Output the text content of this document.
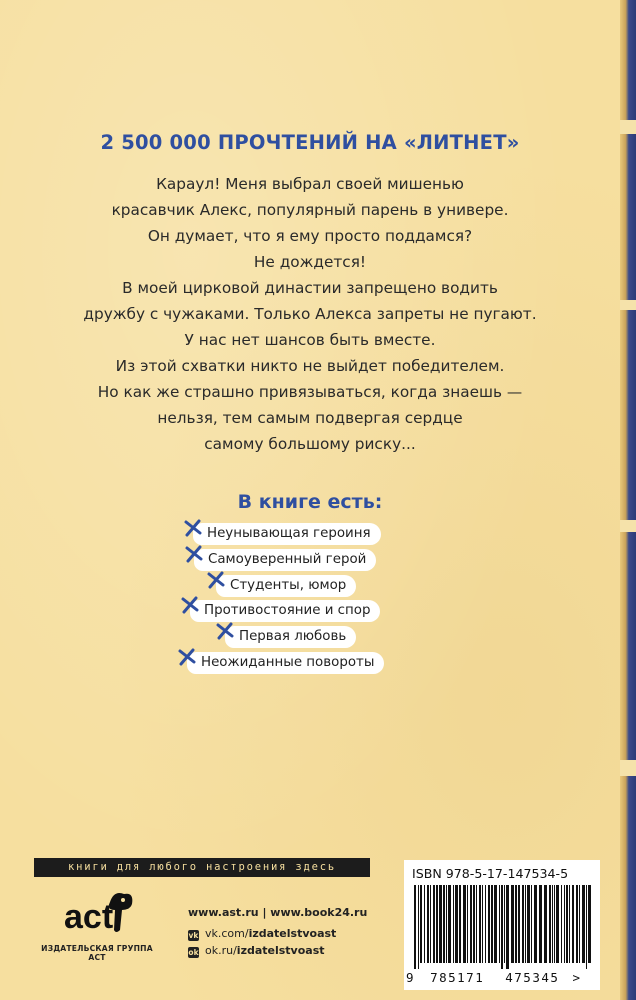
2 500 000 ПРОЧТЕНИЙ НА «ЛИТНЕТ»
Караул! Меня выбрал своей мишенью
красавчик Алекс, популярный парень в универе.
Он думает, что я ему просто поддамся?
Не дождется!
В моей цирковой династии запрещено водить
дружбу с чужаками. Только Алекса запреты не пугают.
У нас нет шансов быть вместе.
Из этой схватки никто не выйдет победителем.
Но как же страшно привязываться, когда знаешь —
нельзя, тем самым подвергая сердце
самому большому риску...
В книге есть:
Неунывающая героиня
Самоуверенный герой
Студенты, юмор
Противостояние и спор
Первая любовь
Неожиданные повороты
книги для любого настроения здесь
act
ИЗДАТЕЛЬСКАЯ ГРУППА АСТ
www.ast.ru | www.book24.ru
vk vk.com/izdatelstvoast
ok ok.ru/izdatelstvoast
ISBN 978-5-17-147534-5
9 785171 475345 >
